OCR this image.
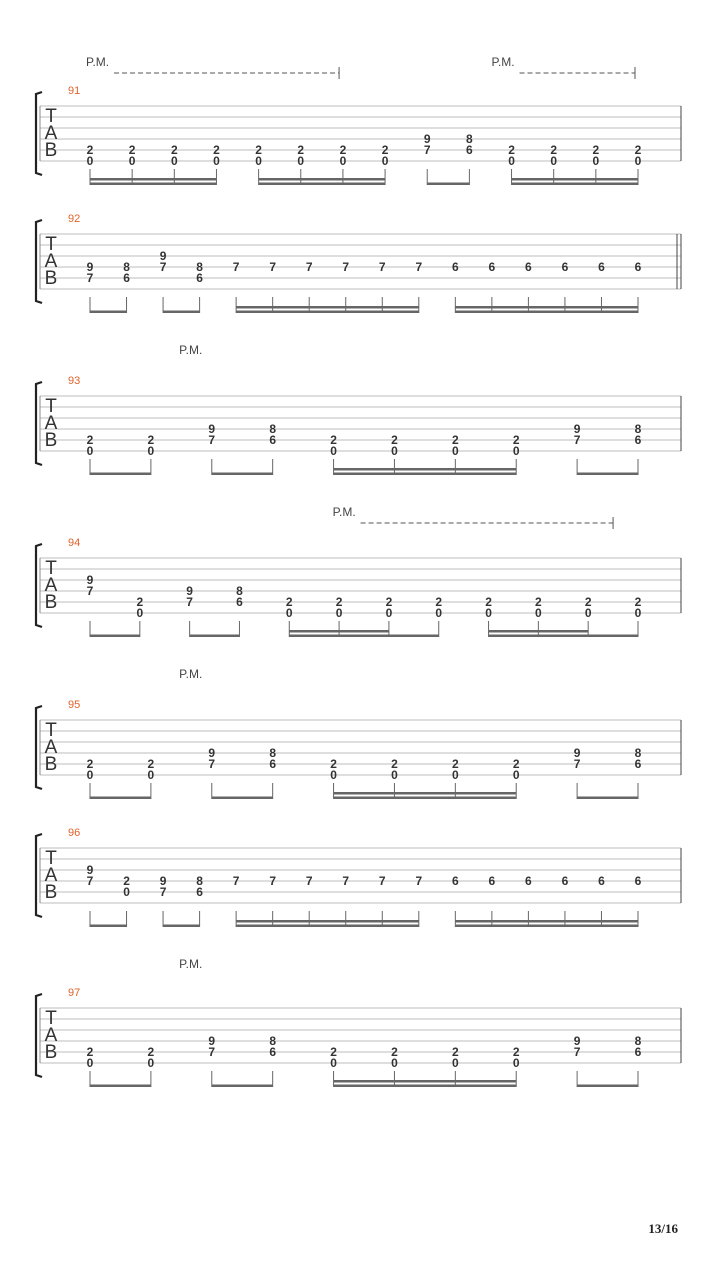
91
T
A
B 2
0
2
0
2
0
2
0
2
0
2
0
2
0
2
0
9
7
8
6	2
0
2
0
2
0
2
0
P.M.	P.M.
92
T
A
B
9
7
8
6
9
7 8
6
7 7 7 7 7 7 6 6 6 6 6 6
93
T
A
B 2
0
2
0
9
7
8
6	2
0
2
0
2
0
2
0
9
7
8
6
P.M.
94
T
A
B
9
7
2
0
9
7
8
6	2
0
2
0
2
0
2
0
2
0
2
0
2
0
2
0
P.M.
95
T
A
B 2
0
2
0
9
7
8
6	2
0
2
0
2
0
2
0
9
7
8
6
P.M.
96
T
A
B
9
7 2
0
9
7
8
6
7 7 7 7 7 7 6 6 6 6 6 6
97
T
A
B 2
0
2
0
9
7
8
6	2
0
2
0
2
0
2
0
9
7
8
6
P.M.
13/16
